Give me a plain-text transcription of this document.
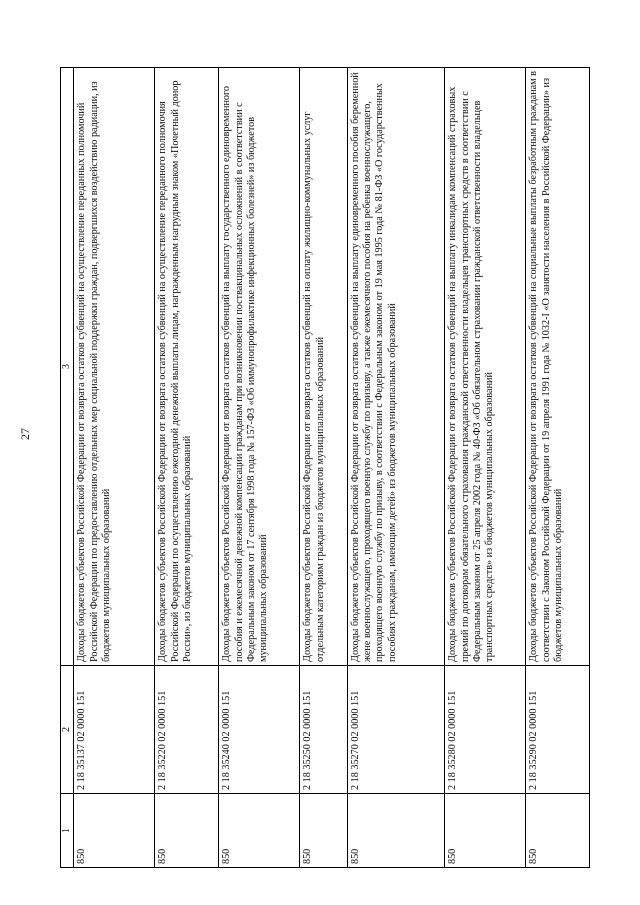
27
1	2	3
850	2 18 35137 02 0000 151	Доходы бюджетов субъектов Российской Федерации от возврата остатков субвенций на осуществление переданных полномочий Российской Федерации по предоставлению отдельных мер социальной поддержки граждан, подвергшихся воздействию радиации, из бюджетов муниципальных образований
850	2 18 35220 02 0000 151	Доходы бюджетов субъектов Российской Федерации от возврата остатков субвенций на осуществление переданного полномочия Российской Федерации по осуществлению ежегодной денежной выплаты лицам, награжденным нагрудным знаком «Почетный донор России», из бюджетов муниципальных образований
850	2 18 35240 02 0000 151	Доходы бюджетов субъектов Российской Федерации от возврата остатков субвенций на выплату государственного единовременного пособия и ежемесячной денежной компенсации гражданам при возникновении поствакцинальных осложнений в соответствии с Федеральным законом от 17 сентября 1998 года № 157-ФЗ «Об иммунопрофилактике инфекционных болезней» из бюджетов муниципальных образований
850	2 18 35250 02 0000 151	Доходы бюджетов субъектов Российской Федерации от возврата остатков субвенций на оплату жилищно-коммунальных услуг отдельным категориям граждан из бюджетов муниципальных образований
850	2 18 35270 02 0000 151	Доходы бюджетов субъектов Российской Федерации от возврата остатков субвенций на выплату единовременного пособия беременной жене военнослужащего, проходящего военную службу по призыву, а также ежемесячного пособия на ребенка военнослужащего, проходящего военную службу по призыву, в соответствии с Федеральным законом от 19 мая 1995 года № 81-ФЗ «О государственных пособиях гражданам, имеющим детей» из бюджетов муниципальных образований
850	2 18 35280 02 0000 151	Доходы бюджетов субъектов Российской Федерации от возврата остатков субвенций на выплату инвалидам компенсаций страховых премий по договорам обязательного страхования гражданской ответственности владельцев транспортных средств в соответствии с Федеральным законом от 25 апреля 2002 года № 40-ФЗ «Об обязательном страховании гражданской ответственности владельцев транспортных средств» из бюджетов муниципальных образований
850	2 18 35290 02 0000 151	Доходы бюджетов субъектов Российской Федерации от возврата остатков субвенций на социальные выплаты безработным гражданам в соответствии с Законом Российской Федерации от 19 апреля 1991 года № 1032-I «О занятости населения в Российской Федерации» из бюджетов муниципальных образований
